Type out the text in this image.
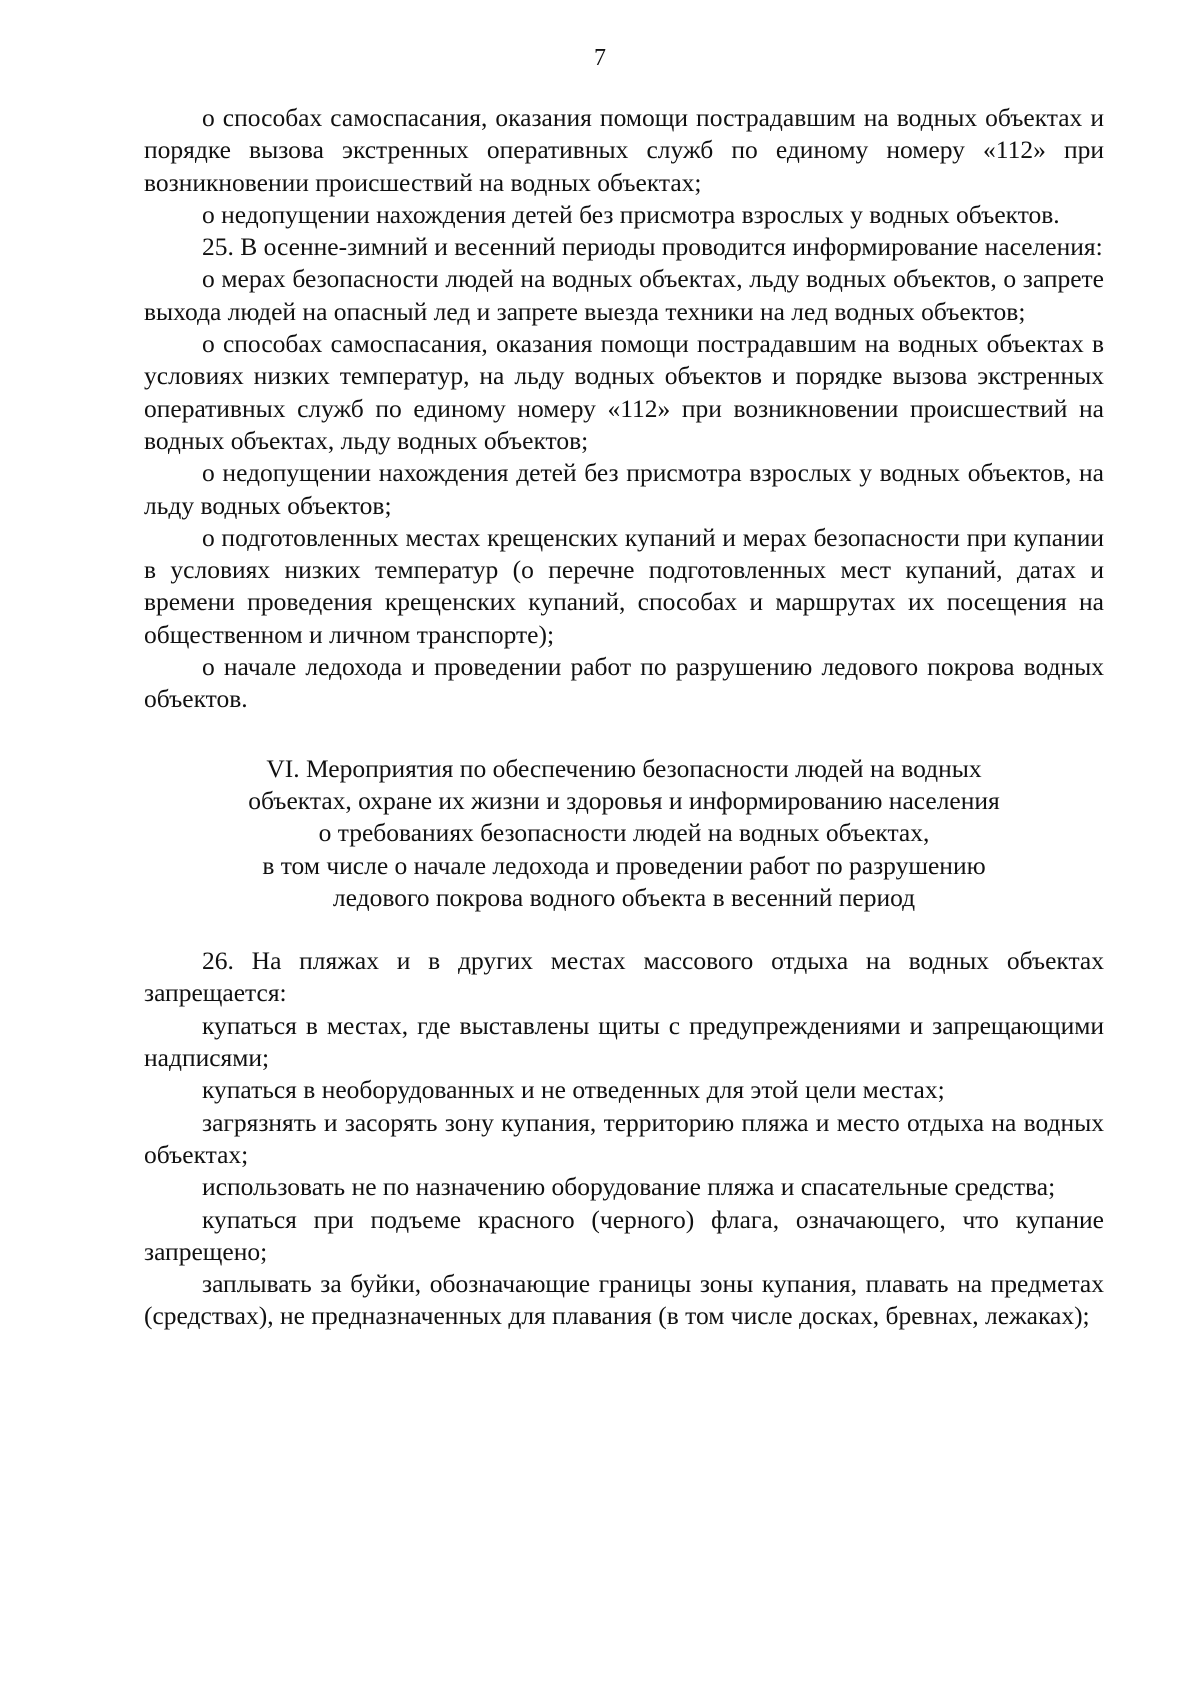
7

о способах самоспасания, оказания помощи пострадавшим на водных объектах и порядке вызова экстренных оперативных служб по единому номеру «112» при возникновении происшествий на водных объектах;

о недопущении нахождения детей без присмотра взрослых у водных объектов.

25. В осенне-зимний и весенний периоды проводится информирование населения:

о мерах безопасности людей на водных объектах, льду водных объектов, о запрете выхода людей на опасный лед и запрете выезда техники на лед водных объектов;

о способах самоспасания, оказания помощи пострадавшим на водных объектах в условиях низких температур, на льду водных объектов и порядке вызова экстренных оперативных служб по единому номеру «112» при возникновении происшествий на водных объектах, льду водных объектов;

о недопущении нахождения детей без присмотра взрослых у водных объектов, на льду водных объектов;

о подготовленных местах крещенских купаний и мерах безопасности при купании в условиях низких температур (о перечне подготовленных мест купаний, датах и времени проведения крещенских купаний, способах и маршрутах их посещения на общественном и личном транспорте);

о начале ледохода и проведении работ по разрушению ледового покрова водных объектов.

VI. Мероприятия по обеспечению безопасности людей на водных
объектах, охране их жизни и здоровья и информированию населения
о требованиях безопасности людей на водных объектах,
в том числе о начале ледохода и проведении работ по разрушению
ледового покрова водного объекта в весенний период

26. На пляжах и в других местах массового отдыха на водных объектах запрещается:

купаться в местах, где выставлены щиты с предупреждениями и запрещающими надписями;

купаться в необорудованных и не отведенных для этой цели местах;

загрязнять и засорять зону купания, территорию пляжа и место отдыха на водных объектах;

использовать не по назначению оборудование пляжа и спасательные средства;

купаться при подъеме красного (черного) флага, означающего, что купание запрещено;

заплывать за буйки, обозначающие границы зоны купания, плавать на предметах (средствах), не предназначенных для плавания (в том числе досках, бревнах, лежаках);
